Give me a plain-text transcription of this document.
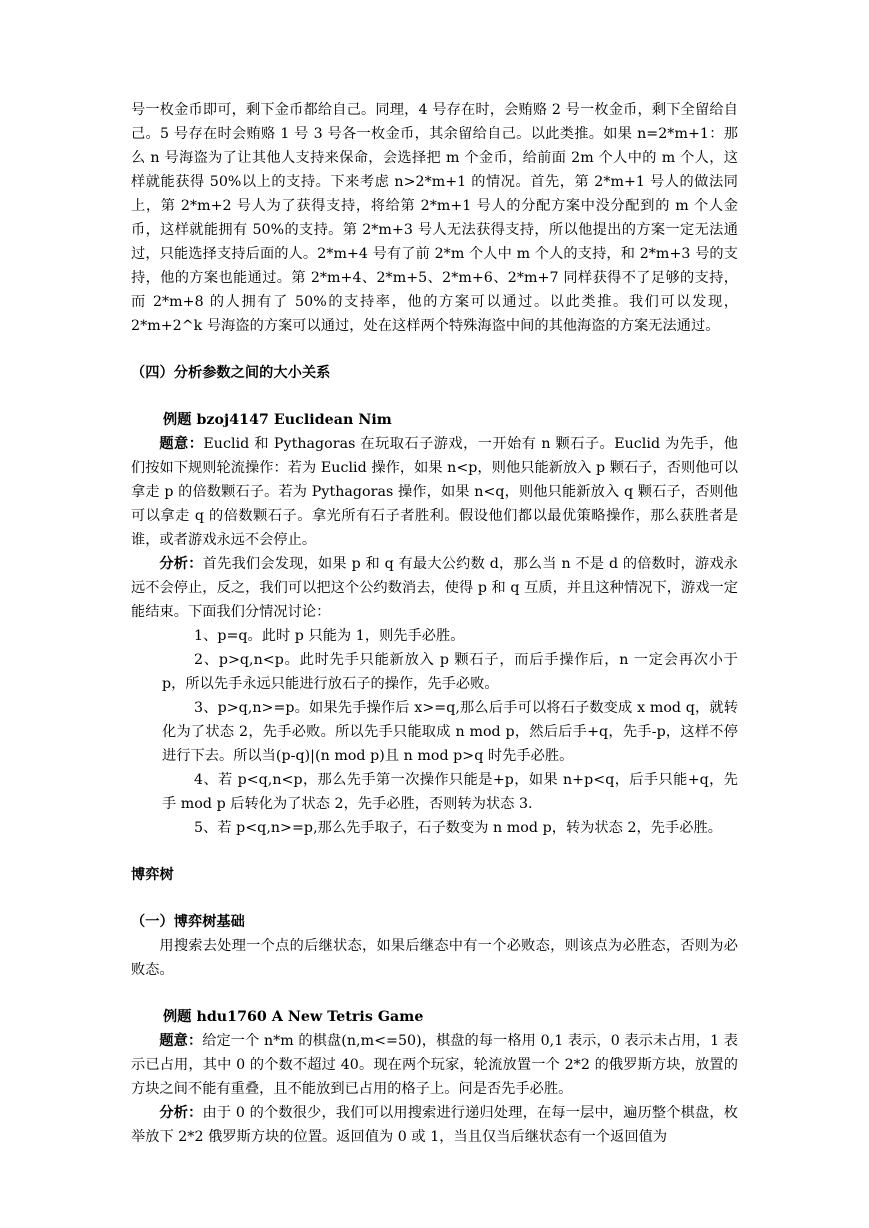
号一枚金币即可，剩下金币都给自己。同理，4 号存在时，会贿赂 2 号一枚金币，剩下全留给自己。5 号存在时会贿赂 1 号 3 号各一枚金币，其余留给自己。以此类推。如果 n=2*m+1：那么 n 号海盗为了让其他人支持来保命，会选择把 m 个金币，给前面 2m 个人中的 m 个人，这样就能获得 50%以上的支持。下来考虑 n>2*m+1 的情况。首先，第 2*m+1 号人的做法同上，第 2*m+2 号人为了获得支持，将给第 2*m+1 号人的分配方案中没分配到的 m 个人金币，这样就能拥有 50%的支持。第 2*m+3 号人无法获得支持，所以他提出的方案一定无法通过，只能选择支持后面的人。2*m+4 号有了前 2*m 个人中 m 个人的支持，和 2*m+3 号的支持，他的方案也能通过。第 2*m+4、2*m+5、2*m+6、2*m+7 同样获得不了足够的支持，而 2*m+8 的人拥有了 50%的支持率，他的方案可以通过。以此类推。我们可以发现，2*m+2^k 号海盗的方案可以通过，处在这样两个特殊海盗中间的其他海盗的方案无法通过。

（四）分析参数之间的大小关系

例题 bzoj4147 Euclidean Nim

题意：Euclid 和 Pythagoras 在玩取石子游戏，一开始有 n 颗石子。Euclid 为先手，他们按如下规则轮流操作：若为 Euclid 操作，如果 n<p，则他只能新放入 p 颗石子，否则他可以拿走 p 的倍数颗石子。若为 Pythagoras 操作，如果 n<q，则他只能新放入 q 颗石子，否则他可以拿走 q 的倍数颗石子。拿光所有石子者胜利。假设他们都以最优策略操作，那么获胜者是谁，或者游戏永远不会停止。

分析：首先我们会发现，如果 p 和 q 有最大公约数 d，那么当 n 不是 d 的倍数时，游戏永远不会停止，反之，我们可以把这个公约数消去，使得 p 和 q 互质，并且这种情况下，游戏一定能结束。下面我们分情况讨论：

1、p=q。此时 p 只能为 1，则先手必胜。

2、p>q,n<p。此时先手只能新放入 p 颗石子，而后手操作后，n 一定会再次小于 p，所以先手永远只能进行放石子的操作，先手必败。

3、p>q,n>=p。如果先手操作后 x>=q,那么后手可以将石子数变成 x mod q，就转化为了状态 2，先手必败。所以先手只能取成 n mod p，然后后手+q，先手-p，这样不停进行下去。所以当(p-q)|(n mod p)且 n mod p>q 时先手必胜。

4、若 p<q,n<p，那么先手第一次操作只能是+p，如果 n+p<q，后手只能+q，先手 mod p 后转化为了状态 2，先手必胜，否则转为状态 3.

5、若 p<q,n>=p,那么先手取子，石子数变为 n mod p，转为状态 2，先手必胜。

博弈树

（一）博弈树基础

用搜索去处理一个点的后继状态，如果后继态中有一个必败态，则该点为必胜态，否则为必败态。

例题 hdu1760 A New Tetris Game

题意：给定一个 n*m 的棋盘(n,m<=50)，棋盘的每一格用 0,1 表示，0 表示未占用，1 表示已占用，其中 0 的个数不超过 40。现在两个玩家，轮流放置一个 2*2 的俄罗斯方块，放置的方块之间不能有重叠，且不能放到已占用的格子上。问是否先手必胜。

分析：由于 0 的个数很少，我们可以用搜索进行递归处理，在每一层中，遍历整个棋盘，枚举放下 2*2 俄罗斯方块的位置。返回值为 0 或 1，当且仅当后继状态有一个返回值为
